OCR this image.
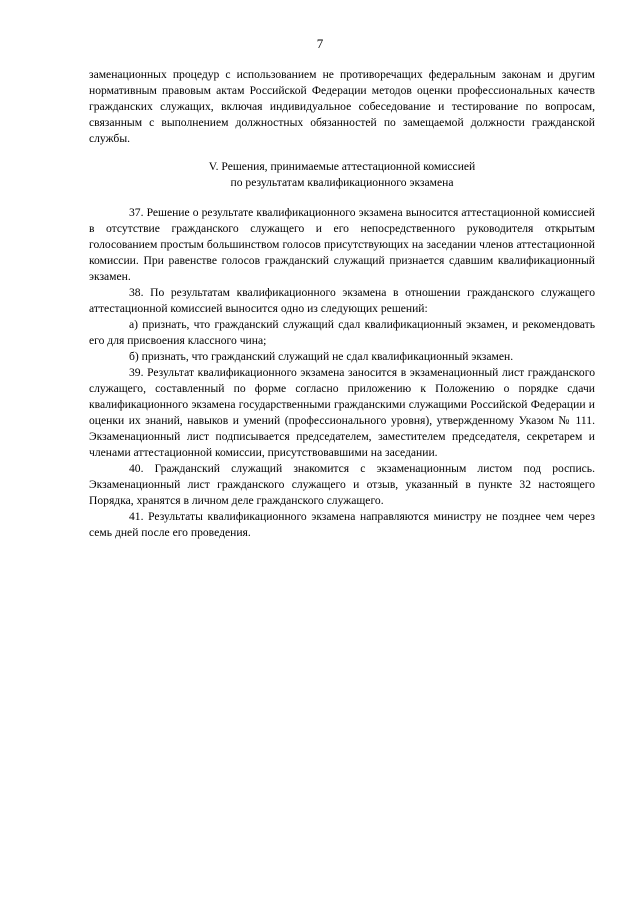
7

заменационных процедур с использованием не противоречащих федеральным законам и другим нормативным правовым актам Российской Федерации методов оценки профессиональных качеств гражданских служащих, включая индивидуальное собеседование и тестирование по вопросам, связанным с выполнением должностных обязанностей по замещаемой должности гражданской службы.

V. Решения, принимаемые аттестационной комиссией
по результатам квалификационного экзамена

37. Решение о результате квалификационного экзамена выносится аттестационной комиссией в отсутствие гражданского служащего и его непосредственного руководителя открытым голосованием простым большинством голосов присутствующих на заседании членов аттестационной комиссии. При равенстве голосов гражданский служащий признается сдавшим квалификационный экзамен.

38. По результатам квалификационного экзамена в отношении гражданского служащего аттестационной комиссией выносится одно из следующих решений:

а) признать, что гражданский служащий сдал квалификационный экзамен, и рекомендовать его для присвоения классного чина;

б) признать, что гражданский служащий не сдал квалификационный экзамен.

39. Результат квалификационного экзамена заносится в экзаменационный лист гражданского служащего, составленный по форме согласно приложению к Положению о порядке сдачи квалификационного экзамена государственными гражданскими служащими Российской Федерации и оценки их знаний, навыков и умений (профессионального уровня), утвержденному Указом № 111. Экзаменационный лист подписывается председателем, заместителем председателя, секретарем и членами аттестационной комиссии, присутствовавшими на заседании.

40. Гражданский служащий знакомится с экзаменационным листом под роспись. Экзаменационный лист гражданского служащего и отзыв, указанный в пункте 32 настоящего Порядка, хранятся в личном деле гражданского служащего.

41. Результаты квалификационного экзамена направляются министру не позднее чем через семь дней после его проведения.
